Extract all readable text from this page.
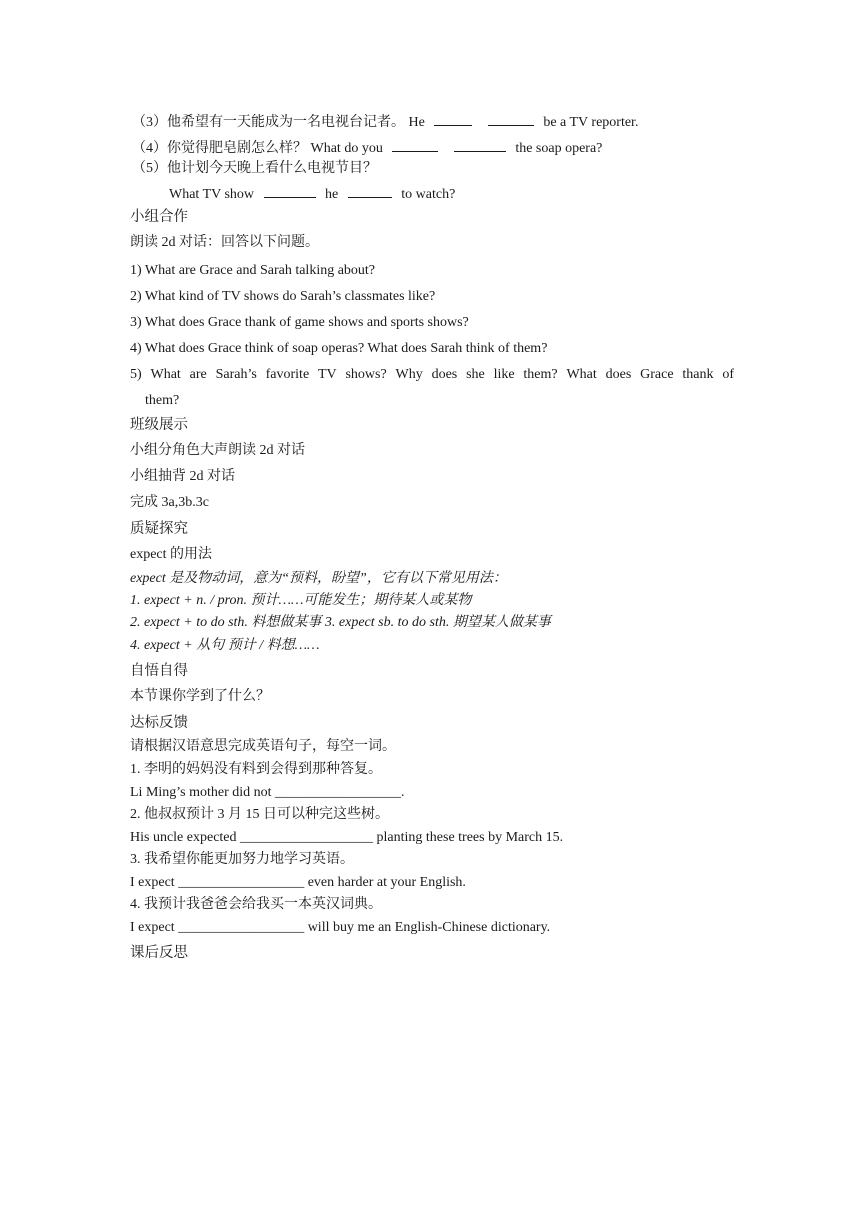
（3）他希望有一天能成为一名电视台记者。 He	be a TV reporter.
（4）你觉得肥皂剧怎么样？ What do you	the soap opera?
（5）他计划今天晚上看什么电视节目？
What TV show	he	to watch?
小组合作
朗读 2d 对话：回答以下问题。
1) What are Grace and Sarah talking about?
2) What kind of TV shows do Sarah’s classmates like?
3) What does Grace thank of game shows and sports shows?
4) What does Grace think of soap operas? What does Sarah think of them?
5) What are Sarah’s favorite TV shows? Why does she like them? What does Grace thank of
them?
班级展示
小组分角色大声朗读 2d 对话
小组抽背 2d 对话
完成 3a,3b.3c
质疑探究
expect 的用法
expect 是及物动词，意为“预料，盼望”，它有以下常见用法：
1. expect + n. / pron. 预计……可能发生；期待某人或某物
2. expect + to do sth. 料想做某事 3. expect sb. to do sth. 期望某人做某事
4. expect + 从句 预计 / 料想……
自悟自得
本节课你学到了什么？
达标反馈
请根据汉语意思完成英语句子，每空一词。
1. 李明的妈妈没有料到会得到那种答复。
Li Ming’s mother did not __________________.
2. 他叔叔预计 3 月 15 日可以种完这些树。
His uncle expected ___________________ planting these trees by March 15.
3. 我希望你能更加努力地学习英语。
I expect __________________ even harder at your English.
4. 我预计我爸爸会给我买一本英汉词典。
I expect __________________ will buy me an English-Chinese dictionary.
课后反思
